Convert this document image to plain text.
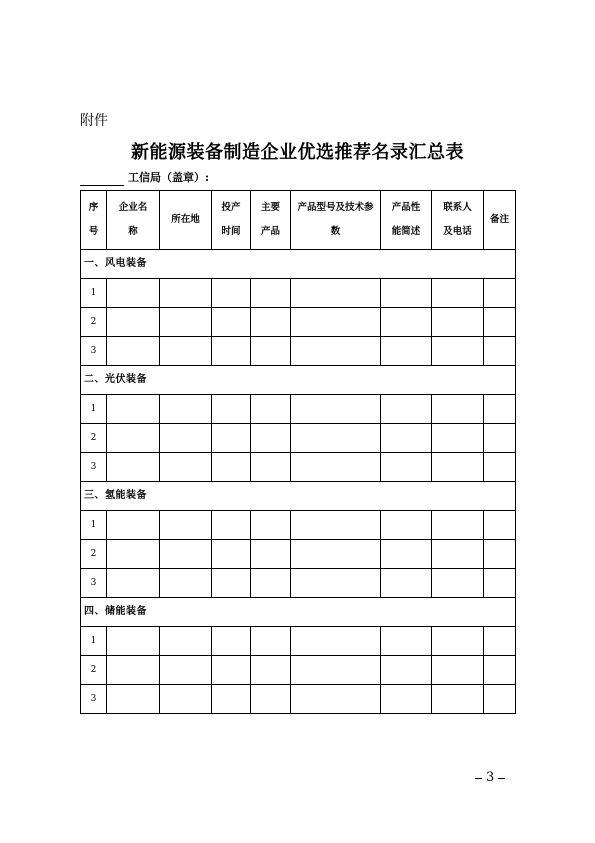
附件
新能源装备制造企业优选推荐名录汇总表
工信局（盖章）:
序号	企业名称	所在地	投产时间	主要产品	产品型号及技术参数	产品性能简述	联系人及电话	备注

一、风电装备								
1								
2								
3								
二、光伏装备								
1								
2								
3								
三、氢能装备								
1								
2								
3								
四、储能装备								
1								
2								
3								
3
